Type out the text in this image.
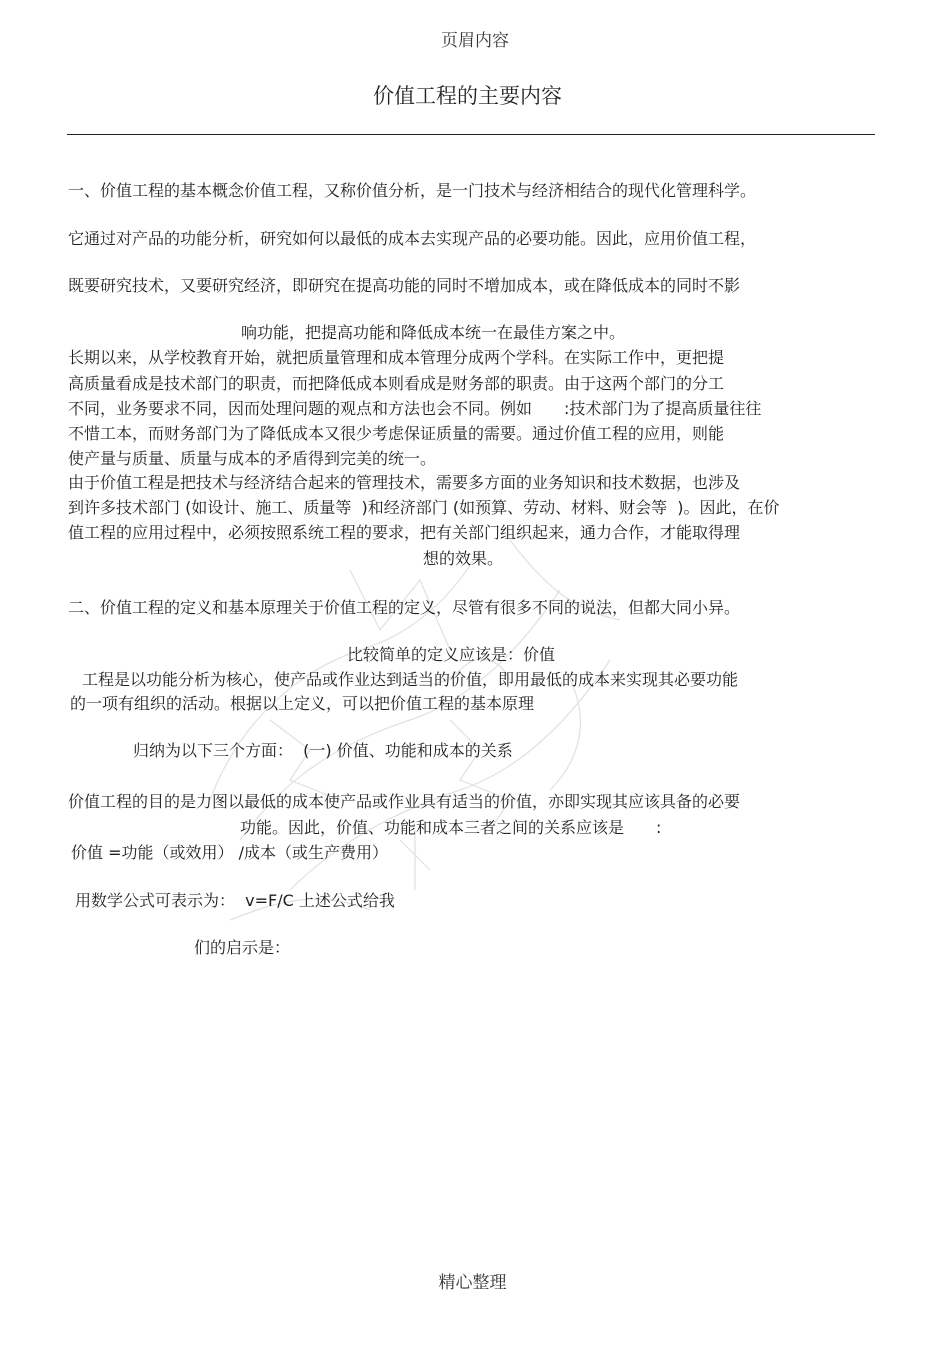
页眉内容
价值工程的主要内容
一、价值工程的基本概念价值工程，又称价值分析，是一门技术与经济相结合的现代化管理科学。
它通过对产品的功能分析，研究如何以最低的成本去实现产品的必要功能。因此，应用价值工程，
既要研究技术，又要研究经济，即研究在提高功能的同时不增加成本，或在降低成本的同时不影
响功能，把提高功能和降低成本统一在最佳方案之中。
长期以来，从学校教育开始，就把质量管理和成本管理分成两个学科。在实际工作中，更把提
高质量看成是技术部门的职责，而把降低成本则看成是财务部的职责。由于这两个部门的分工
不同，业务要求不同，因而处理问题的观点和方法也会不同。例如　　:技术部门为了提高质量往往
不惜工本，而财务部门为了降低成本又很少考虑保证质量的需要。通过价值工程的应用，则能
使产量与质量、质量与成本的矛盾得到完美的统一。
由于价值工程是把技术与经济结合起来的管理技术，需要多方面的业务知识和技术数据，也涉及
到许多技术部门 (如设计、施工、质量等  )和经济部门 (如预算、劳动、材料、财会等  )。因此，在价
值工程的应用过程中，必须按照系统工程的要求，把有关部门组织起来，通力合作，才能取得理
想的效果。
二、价值工程的定义和基本原理关于价值工程的定义，尽管有很多不同的说法，但都大同小异。
比较简单的定义应该是：价值
工程是以功能分析为核心，使产品或作业达到适当的价值，即用最低的成本来实现其必要功能
的一项有组织的活动。根据以上定义，可以把价值工程的基本原理
归纳为以下三个方面：  (一) 价值、功能和成本的关系
价值工程的目的是力图以最低的成本使产品或作业具有适当的价值，亦即实现其应该具备的必要
功能。因此，价值、功能和成本三者之间的关系应该是　　:
价值 =功能（或效用） /成本（或生产费用）
用数学公式可表示为：  v=F/C 上述公式给我
们的启示是：
精心整理
